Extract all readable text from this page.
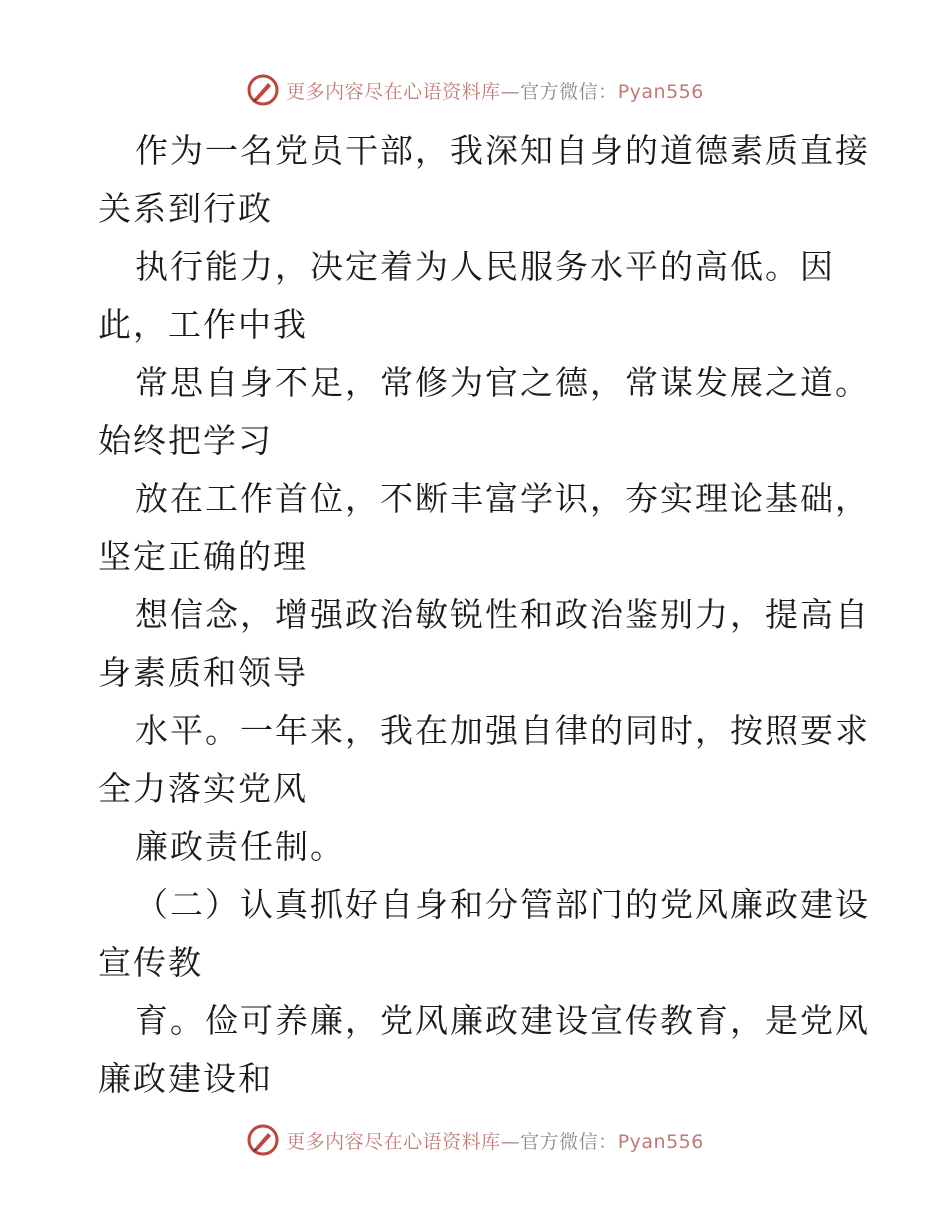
更多内容尽在心语资料库—官方微信：Pyan556
作为一名党员干部，我深知自身的道德素质直接
关系到行政
执行能力，决定着为人民服务水平的高低。因
此，工作中我
常思自身不足，常修为官之德，常谋发展之道。
始终把学习
放在工作首位，不断丰富学识，夯实理论基础，
坚定正确的理
想信念，增强政治敏锐性和政治鉴别力，提高自
身素质和领导
水平。一年来，我在加强自律的同时，按照要求
全力落实党风
廉政责任制。
（二）认真抓好自身和分管部门的党风廉政建设
宣传教
育。俭可养廉，党风廉政建设宣传教育，是党风
廉政建设和
更多内容尽在心语资料库—官方微信：Pyan556
